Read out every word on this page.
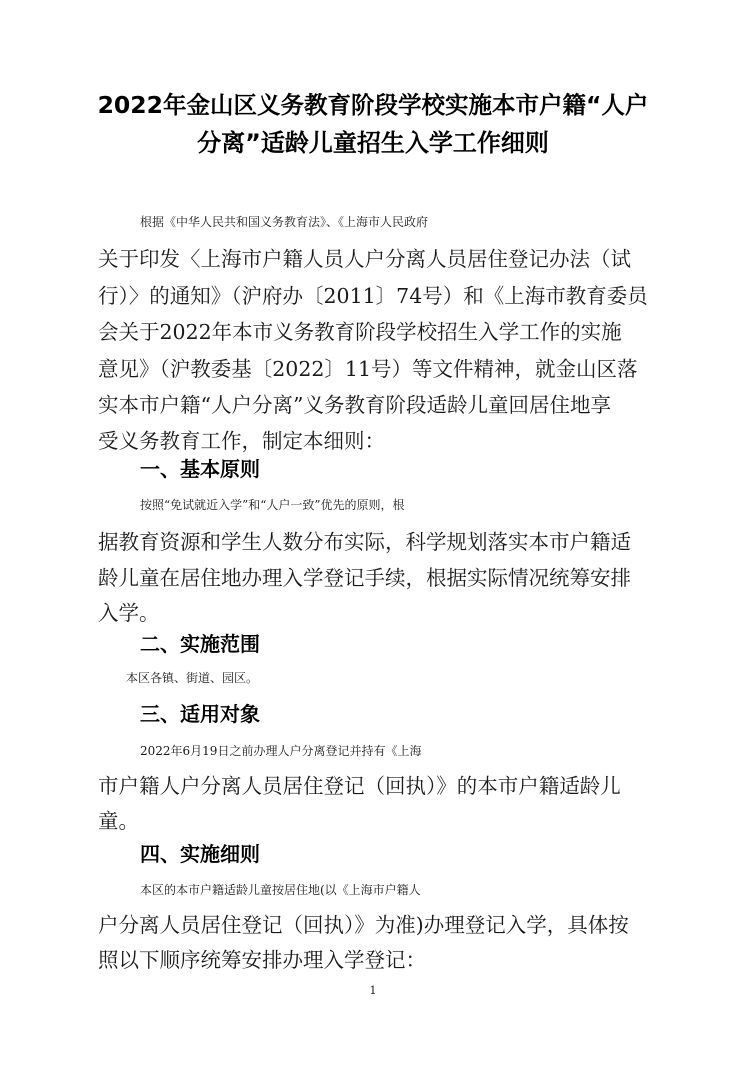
2022年金山区义务教育阶段学校实施本市户籍“人户
分离”适龄儿童招生入学工作细则
根据《中华人民共和国义务教育法》、《上海市人民政府
关于印发〈上海市户籍人员人户分离人员居住登记办法（试
行）〉的通知》（沪府办〔2011〕74号）和《上海市教育委员
会关于2022年本市义务教育阶段学校招生入学工作的实施
意见》（沪教委基〔2022〕11号）等文件精神，就金山区落
实本市户籍“人户分离”义务教育阶段适龄儿童回居住地享
受义务教育工作，制定本细则：
一、基本原则
按照“免试就近入学”和“人户一致”优先的原则，根
据教育资源和学生人数分布实际，科学规划落实本市户籍适
龄儿童在居住地办理入学登记手续，根据实际情况统筹安排
入学。
二、实施范围
本区各镇、街道、园区。
三、适用对象
2022年6月19日之前办理人户分离登记并持有《上海
市户籍人户分离人员居住登记（回执）》的本市户籍适龄儿
童。
四、实施细则
本区的本市户籍适龄儿童按居住地(以《上海市户籍人
户分离人员居住登记（回执）》为准)办理登记入学，具体按
照以下顺序统筹安排办理入学登记：
1
